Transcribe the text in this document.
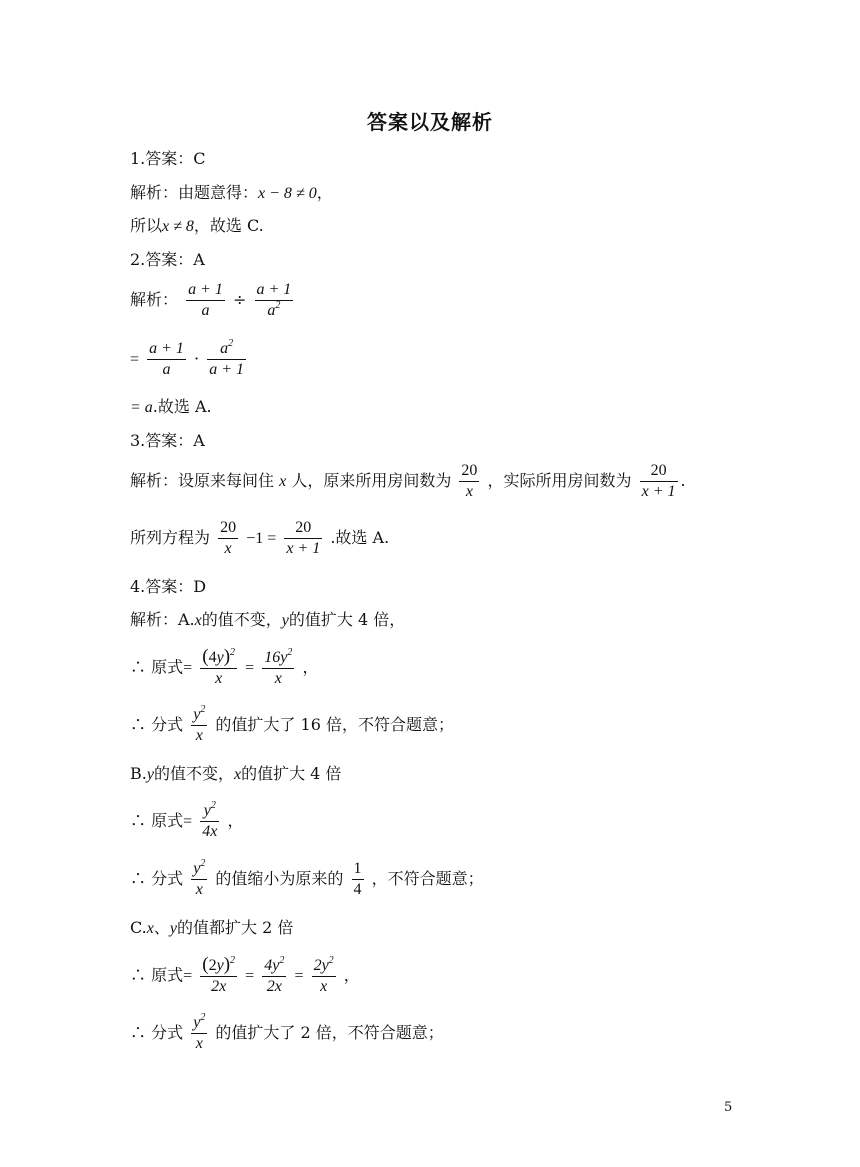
答案以及解析
1.答案：C
解析：由题意得：x − 8 ≠ 0，
所以x ≠ 8，故选 C.
2.答案：A
解析： $\frac{a + 1}{a} \div \frac{a + 1}{a^2}$
= $\frac{a + 1}{a} \cdot \frac{a^2}{a + 1}$
= a.故选 A.
3.答案：A
解析：设原来每间住 x 人，原来所用房间数为 $\frac{20}{x}$ ，实际所用房间数为 $\frac{20}{x + 1}$ .
所列方程为 $\frac{20}{x} -1 = \frac{20}{x + 1}$ .故选 A.
4.答案：D
解析：A.x的值不变，y的值扩大 4 倍，
∴ 原式= $\frac{(4y)^2}{x} = \frac{16y^2}{x}$ ，
∴ 分式 $\frac{y^2}{x}$ 的值扩大了 16 倍，不符合题意；
B.y的值不变，x的值扩大 4 倍
∴ 原式= $\frac{y^2}{4x}$ ，
∴ 分式 $\frac{y^2}{x}$ 的值缩小为原来的 $\frac{1}{4}$ ，不符合题意；
C.x、y的值都扩大 2 倍
∴ 原式= $\frac{(2y)^2}{2x} = \frac{4y^2}{2x} = \frac{2y^2}{x}$ ，
∴ 分式 $\frac{y^2}{x}$ 的值扩大了 2 倍，不符合题意；
5
